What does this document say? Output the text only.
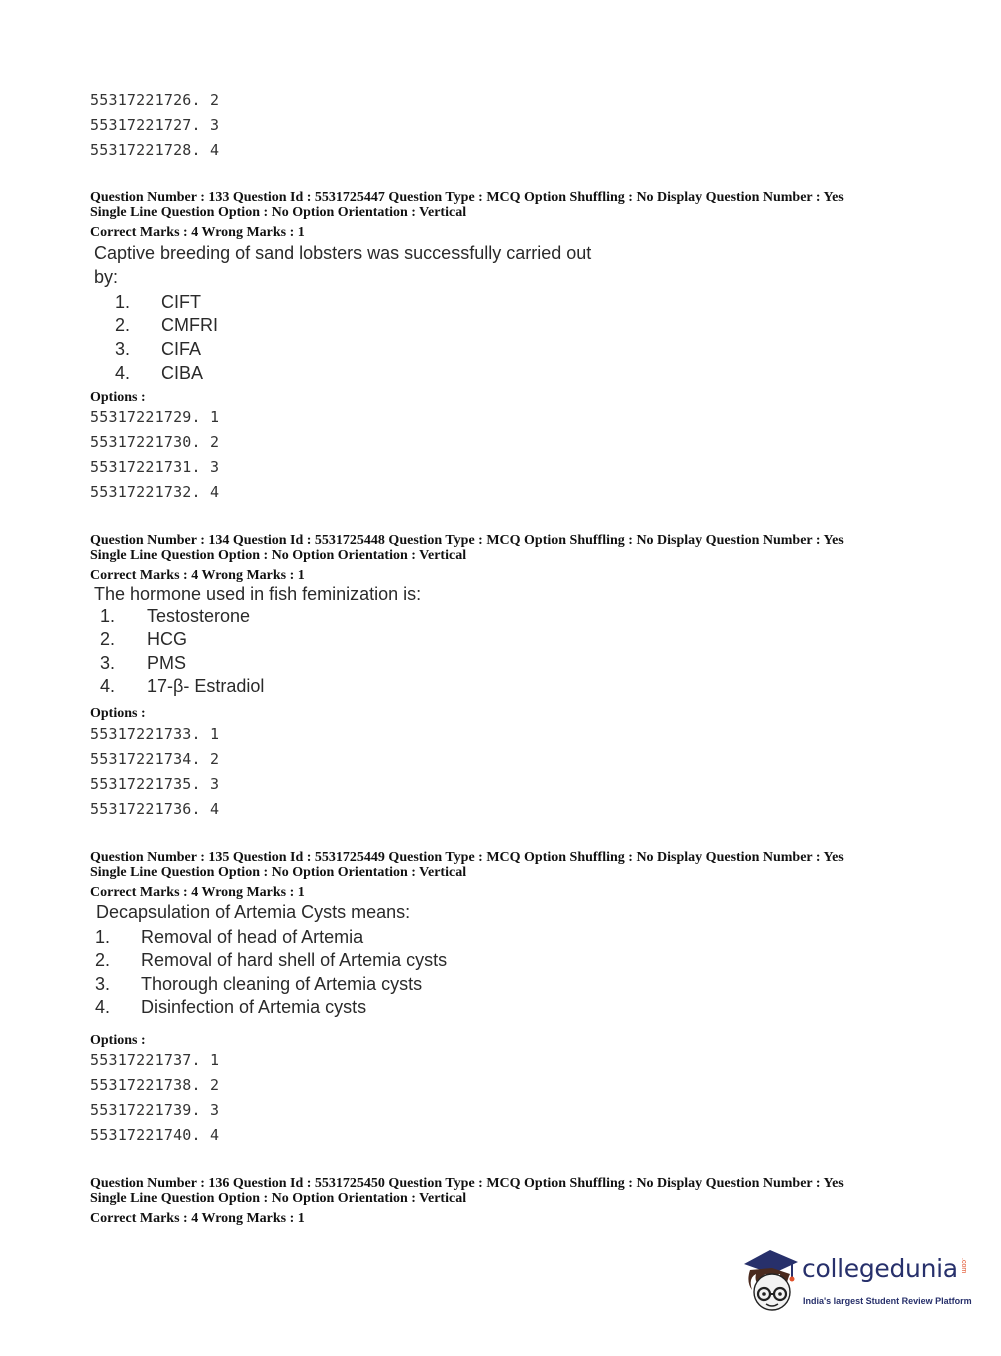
55317221726. 2
55317221727. 3
55317221728. 4
Question Number : 133 Question Id : 5531725447 Question Type : MCQ Option Shuffling : No Display Question Number : Yes
Single Line Question Option : No Option Orientation : Vertical
Correct Marks : 4 Wrong Marks : 1
Captive breeding of sand lobsters was successfully carried out
by:
1. CIFT
2. CMFRI
3. CIFA
4. CIBA
Options :
55317221729. 1
55317221730. 2
55317221731. 3
55317221732. 4
Question Number : 134 Question Id : 5531725448 Question Type : MCQ Option Shuffling : No Display Question Number : Yes
Single Line Question Option : No Option Orientation : Vertical
Correct Marks : 4 Wrong Marks : 1
The hormone used in fish feminization is:
1. Testosterone
2. HCG
3. PMS
4. 17-β- Estradiol
Options :
55317221733. 1
55317221734. 2
55317221735. 3
55317221736. 4
Question Number : 135 Question Id : 5531725449 Question Type : MCQ Option Shuffling : No Display Question Number : Yes
Single Line Question Option : No Option Orientation : Vertical
Correct Marks : 4 Wrong Marks : 1
Decapsulation of Artemia Cysts means:
1. Removal of head of Artemia
2. Removal of hard shell of Artemia cysts
3. Thorough cleaning of Artemia cysts
4. Disinfection of Artemia cysts
Options :
55317221737. 1
55317221738. 2
55317221739. 3
55317221740. 4
Question Number : 136 Question Id : 5531725450 Question Type : MCQ Option Shuffling : No Display Question Number : Yes
Single Line Question Option : No Option Orientation : Vertical
Correct Marks : 4 Wrong Marks : 1
collegedunia .com
India's largest Student Review Platform
